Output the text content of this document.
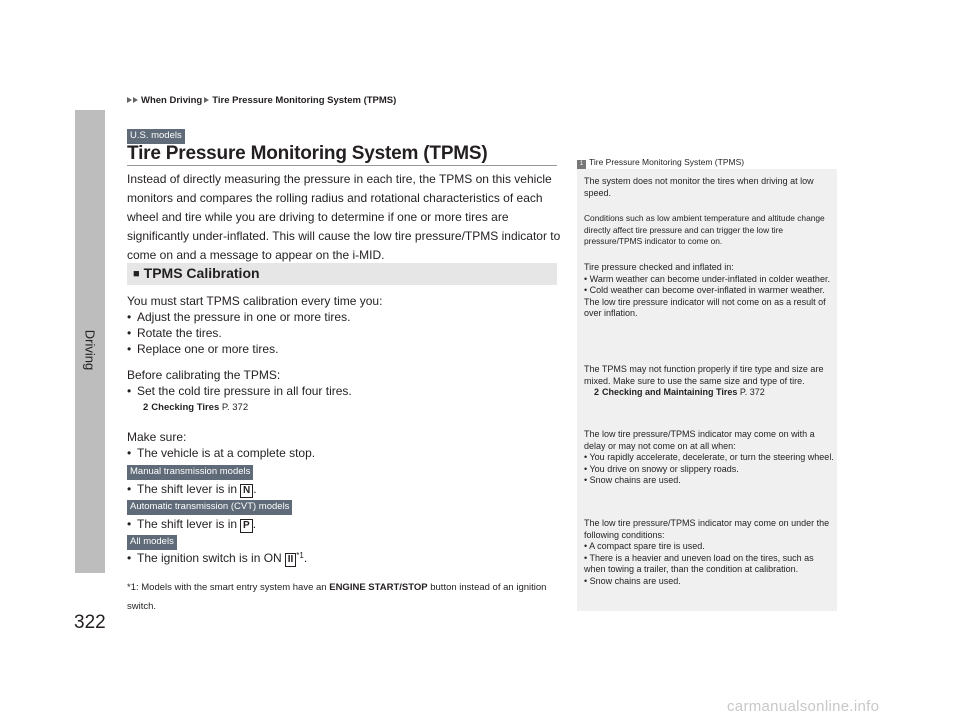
Driving
322
When Driving Tire Pressure Monitoring System (TPMS)
U.S. models
Tire Pressure Monitoring System (TPMS)

Instead of directly measuring the pressure in each tire, the TPMS on this vehicle monitors and compares the rolling radius and rotational characteristics of each wheel and tire while you are driving to determine if one or more tires are significantly under-inflated. This will cause the low tire pressure/TPMS indicator to come on and a message to appear on the i-MID.

■ TPMS Calibration
You must start TPMS calibration every time you:
• Adjust the pressure in one or more tires.
• Rotate the tires.
• Replace one or more tires.
Before calibrating the TPMS:
• Set the cold tire pressure in all four tires.
2 Checking Tires P. 372
Make sure:
• The vehicle is at a complete stop.
Manual transmission models
• The shift lever is in N .
Automatic transmission (CVT) models
• The shift lever is in P .
All models
• The ignition switch is in ON II $^{*1}$.
*1: Models with the smart entry system have an ENGINE START/STOP button instead of an ignition switch.
1 Tire Pressure Monitoring System (TPMS)

The system does not monitor the tires when driving at low speed.

Conditions such as low ambient temperature and altitude change directly affect tire pressure and can trigger the low tire pressure/TPMS indicator to come on.

Tire pressure checked and inflated in:

• Warm weather can become under-inflated in colder weather.

• Cold weather can become over-inflated in warmer weather.

The low tire pressure indicator will not come on as a result of over inflation.

The TPMS may not function properly if tire type and size are mixed. Make sure to use the same size and type of tire.

2 Checking and Maintaining Tires P. 372

The low tire pressure/TPMS indicator may come on with a delay or may not come on at all when:

• You rapidly accelerate, decelerate, or turn the steering wheel.

• You drive on snowy or slippery roads.

• Snow chains are used.

The low tire pressure/TPMS indicator may come on under the following conditions:

• A compact spare tire is used.

• There is a heavier and uneven load on the tires, such as when towing a trailer, than the condition at calibration.

• Snow chains are used.

carmanualsonline.info
